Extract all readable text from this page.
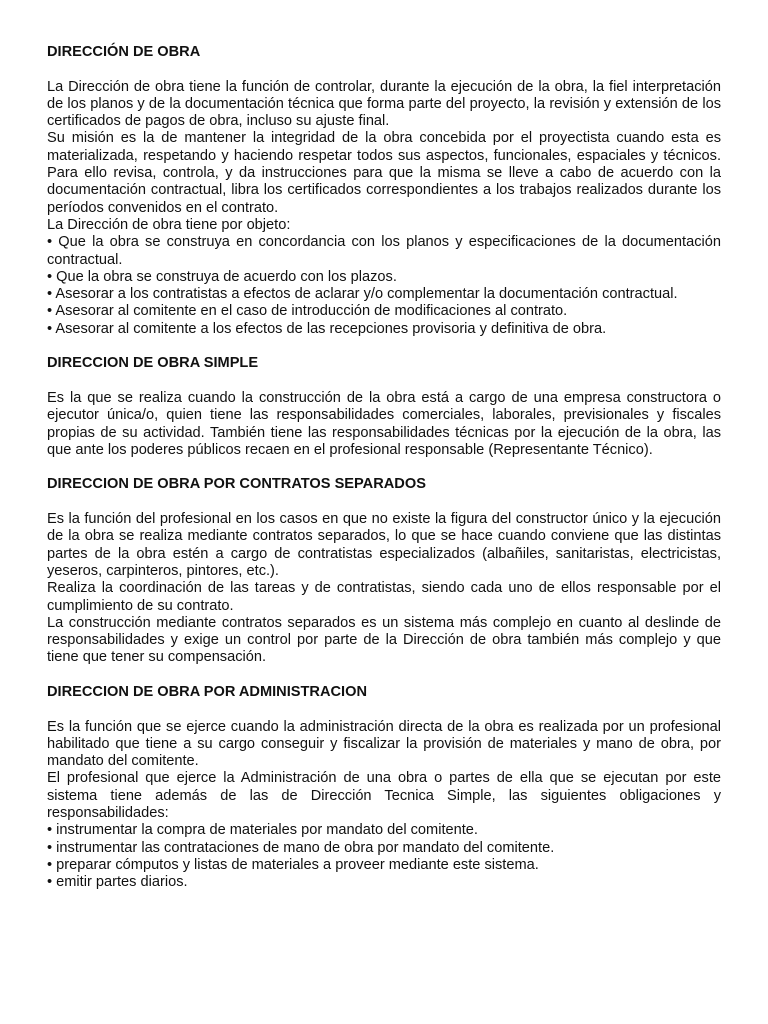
DIRECCIÓN DE OBRA

La Dirección de obra tiene la función de controlar, durante la ejecución de la obra, la fiel interpretación de los planos y de la documentación técnica que forma parte del proyecto, la revisión y extensión de los certificados de pagos de obra, incluso su ajuste final.

Su misión es la de mantener la integridad de la obra concebida por el proyectista cuando esta es materializada, respetando y haciendo respetar todos sus aspectos, funcionales, espaciales y técnicos. Para ello revisa, controla, y da instrucciones para que la misma se lleve a cabo de acuerdo con la documentación contractual, libra los certificados correspondientes a los trabajos realizados durante los períodos convenidos en el contrato.

La Dirección de obra tiene por objeto:

• Que la obra se construya en concordancia con los planos y especificaciones de la documentación contractual.

• Que la obra se construya de acuerdo con los plazos.

• Asesorar a los contratistas a efectos de aclarar y/o complementar la documentación contractual.

• Asesorar al comitente en el caso de introducción de modificaciones al contrato.

• Asesorar al comitente a los efectos de las recepciones provisoria y definitiva de obra.

DIRECCION DE OBRA SIMPLE

Es la que se realiza cuando la construcción de la obra está a cargo de una empresa constructora o ejecutor única/o, quien tiene las responsabilidades comerciales, laborales, previsionales y fiscales propias de su actividad. También tiene las responsabilidades técnicas por la ejecución de la obra, las que ante los poderes públicos recaen en el profesional responsable (Representante Técnico).

DIRECCION DE OBRA POR CONTRATOS SEPARADOS

Es la función del profesional en los casos en que no existe la figura del constructor único y la ejecución de la obra se realiza mediante contratos separados, lo que se hace cuando conviene que las distintas partes de la obra estén a cargo de contratistas especializados (albañiles, sanitaristas, electricistas, yeseros, carpinteros, pintores, etc.).

Realiza la coordinación de las tareas y de contratistas, siendo cada uno de ellos responsable por el cumplimiento de su contrato.

La construcción mediante contratos separados es un sistema más complejo en cuanto al deslinde de responsabilidades y exige un control por parte de la Dirección de obra también más complejo y que tiene que tener su compensación.

DIRECCION DE OBRA POR ADMINISTRACION

Es la función que se ejerce cuando la administración directa de la obra es realizada por un profesional habilitado que tiene a su cargo conseguir y fiscalizar la provisión de materiales y mano de obra, por mandato del comitente.

El profesional que ejerce la Administración de una obra o partes de ella que se ejecutan por este sistema tiene además de las de Dirección Tecnica Simple, las siguientes obligaciones y responsabilidades:

• instrumentar la compra de materiales por mandato del comitente.

• instrumentar las contrataciones de mano de obra por mandato del comitente.

• preparar cómputos y listas de materiales a proveer mediante este sistema.

• emitir partes diarios.
